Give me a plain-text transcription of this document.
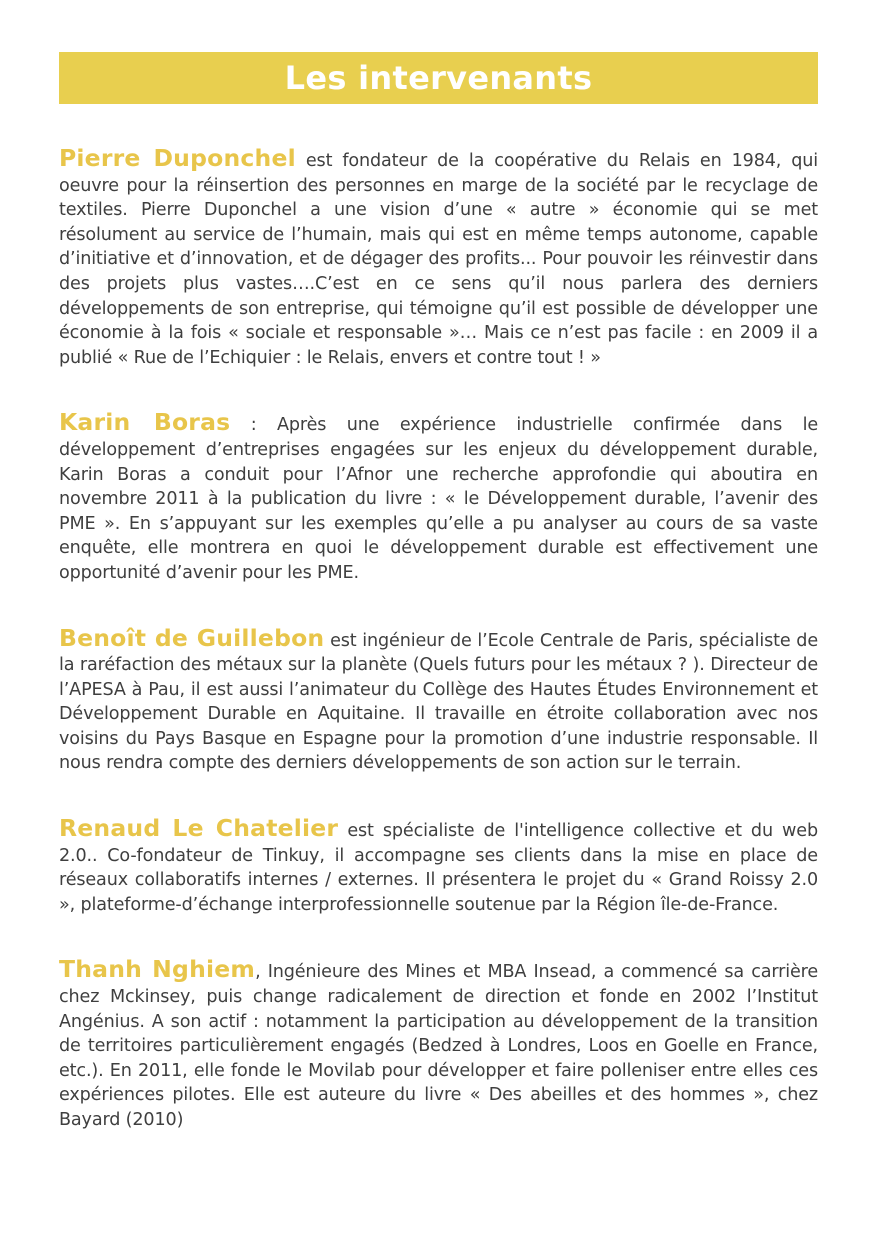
Les intervenants

Pierre Duponchel est fondateur de la coopérative du Relais en 1984, qui oeuvre pour la réinsertion des personnes en marge de la société par le recyclage de textiles. Pierre Duponchel a une vision d’une « autre » économie qui se met résolument au service de l’humain, mais qui est en même temps autonome, capable d’initiative et d’innovation, et de dégager des profits... Pour pouvoir les réinvestir dans des projets plus vastes….C’est en ce sens qu’il nous parlera des derniers développements de son entreprise, qui témoigne qu’il est possible de développer une économie à la fois « sociale et responsable »… Mais ce n’est pas facile : en 2009 il a publié « Rue de l’Echiquier : le Relais, envers et contre tout ! »

Karin Boras : Après une expérience industrielle confirmée dans le développement d’entreprises engagées sur les enjeux du développement durable, Karin Boras a conduit pour l’Afnor une recherche approfondie qui aboutira en novembre 2011 à la publication du livre : « le Développement durable, l’avenir des PME ». En s’appuyant sur les exemples qu’elle a pu analyser au cours de sa vaste enquête, elle montrera en quoi le développement durable est effectivement une opportunité d’avenir pour les PME.

Benoît de Guillebon est ingénieur de l’Ecole Centrale de Paris, spécialiste de la raréfaction des métaux sur la planète (Quels futurs pour les métaux ? ). Directeur de l’APESA à Pau, il est aussi l’animateur du Collège des Hautes Études Environnement et Développement Durable en Aquitaine. Il travaille en étroite collaboration avec nos voisins du Pays Basque en Espagne pour la promotion d’une industrie responsable. Il nous rendra compte des derniers développements de son action sur le terrain.

Renaud Le Chatelier est spécialiste de l'intelligence collective et du web 2.0.. Co-fondateur de Tinkuy, il accompagne ses clients dans la mise en place de réseaux collaboratifs internes / externes. Il présentera le projet du « Grand Roissy 2.0 », plateforme-d’échange interprofessionnelle soutenue par la Région île-de-France.

Thanh Nghiem, Ingénieure des Mines et MBA Insead, a commencé sa carrière chez Mckinsey, puis change radicalement de direction et fonde en 2002 l’Institut Angénius. A son actif : notamment la participation au développement de la transition de territoires particulièrement engagés (Bedzed à Londres, Loos en Goelle en France, etc.). En 2011, elle fonde le Movilab pour développer et faire polleniser entre elles ces expériences pilotes. Elle est auteure du livre « Des abeilles et des hommes », chez Bayard (2010)
